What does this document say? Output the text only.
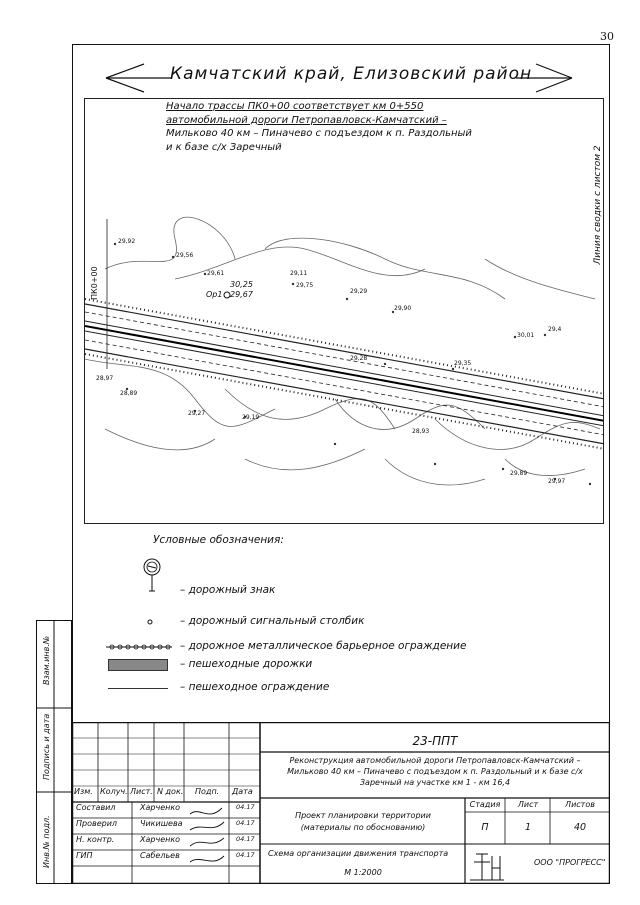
30
Камчатский край, Елизовский район
ПК0+00	Ор1
30,25
29,67
29,92
29,56
29,61
29,75
29,90
30,01
29,4
29,29
29,11
29,35
29,28
28,97
29,27
29,19
28,93
29,89
29,97
28,89
Начало трассы ПК0+00 соответствует км 0+550
автомобильной дороги Петропавловск-Камчатский –
Мильково 40 км – Пиначево с подъездом к п. Раздольный
и к базе с/х Заречный	Линия сводки с листом 2
Условные обозначения:
– дорожный знак
– дорожный сигнальный столбик
– дорожное металлическое барьерное ограждение
– пешеходные дорожки
– пешеходное ограждение
Взам.инв.№
Подпись и дата
Инв.№ подл.
23-ППТ
Реконструкция автомобильной дороги Петропавловск-Камчатский –
Мильково 40 км – Пиначево с подъездом к п. Раздольный и к базе с/х
Заречный на участке км 1 - км 16,4
Изм. Колуч. Лист. N док. Подп. Дата
Составил	Харченко	04.17
Проверил	Чикишева	04.17
Н. контр.	Харченко	04.17
ГИП	Сабельев	04.17
Проект планировки территории
(материалы по обоснованию)
Схема организации движения транспорта
М 1:2000
Стадия	Лист	Листов
П	1	40
ООО "ПРОГРЕСС"
